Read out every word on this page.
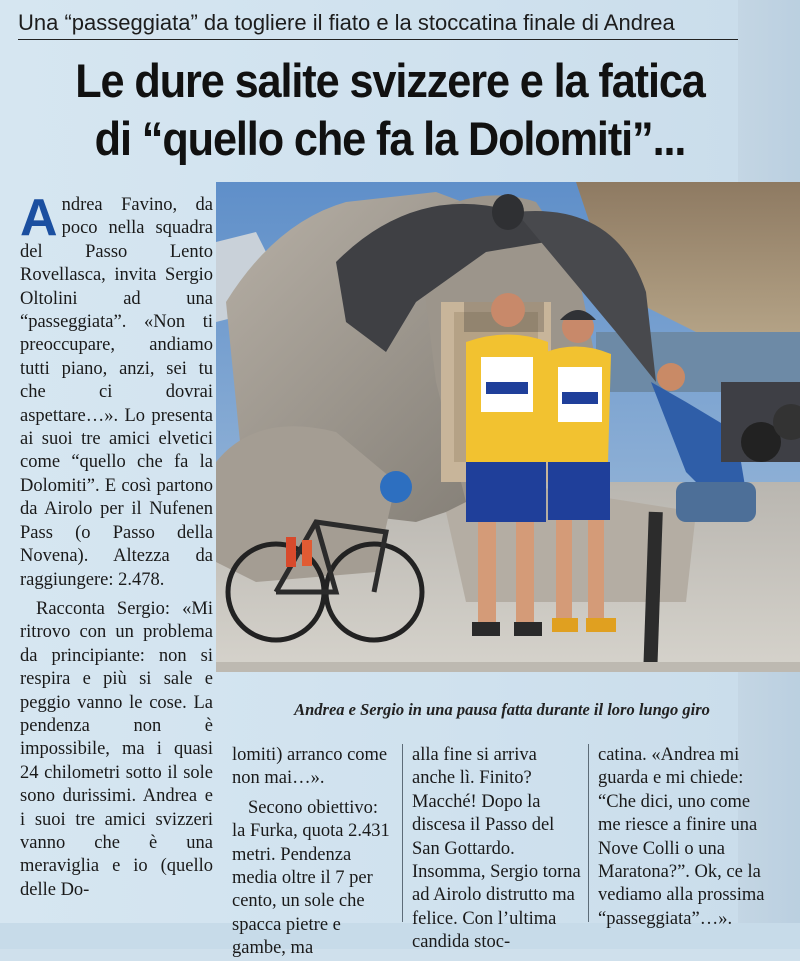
Una “passeggiata” da togliere il fiato e la stoccatina finale di Andrea
Le dure salite svizzere e la fatica
di “quello che fa la Dolomiti”...

Andrea Favino, da poco nella squadra del Passo Lento Rovellasca, invita Sergio Oltolini ad una “passeggiata”. «Non ti preoccupare, andiamo tutti piano, anzi, sei tu che ci dovrai aspettare…». Lo presenta ai suoi tre amici elvetici come “quello che fa la Dolomiti”. E così partono da Airolo per il Nufenen Pass (o Passo della Novena). Altezza da raggiungere: 2.478.

Racconta Sergio: «Mi ritrovo con un problema da principiante: non si respira e più si sale e peggio vanno le cose. La pendenza non è impossibile, ma i quasi 24 chilometri sotto il sole sono durissimi. Andrea e i suoi tre amici svizzeri vanno che è una meraviglia e io (quello delle Do-

Andrea e Sergio in una pausa fatta durante il loro lungo giro

lomiti) arranco come non mai…».

Secono obiettivo: la Furka, quota 2.431 metri. Pendenza media oltre il 7 per cento, un sole che spacca pietre e gambe, ma

alla fine si arriva anche lì. Finito? Macché! Dopo la discesa il Passo del San Gottardo. Insomma, Sergio torna ad Airolo distrutto ma felice. Con l’ultima candida stoc-

catina. «Andrea mi guarda e mi chiede: “Che dici, uno come me riesce a finire una Nove Colli o una Maratona?”. Ok, ce la vediamo alla prossima “passeggiata”…».
